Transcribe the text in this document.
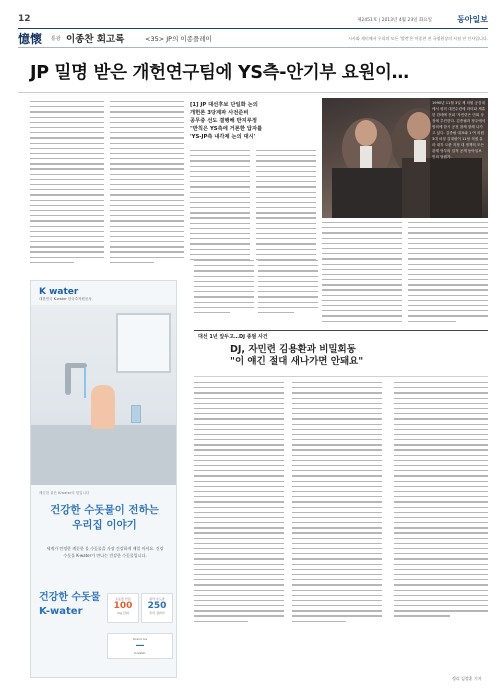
12	제2451호 | 2013년 4월 23일 화요일	동아일보
憶懷 통광 이종찬 회고록	<35> JP의 이종플레이	시사와 재미에서 우리의 모든 '발견'은 이종찬 전 국정원장의 시점 전 인사입니다.
JP 밀명 받은 개헌연구팀에 YS측-안기부 요원이…
[1] JP 대선후보 단일화 논의
개헌론 3당계파 사전준비
공무중 선도 결행해 반지루정
"반칙은 YS측에 거론한 답자를
'YS-JP측 내각제 논의 대시'
1990년 11월 3일 제 의원 공감대에서 평의 대전수련에 라미와 제휴한 한테에 전피 '자민련은 민회 상징에 추진한다. 김종필과 정주에서 합의에 함시 공천 참체 함께 나가고 있다. 김종필 대표와 1 여 의원 3대 마칭 김대평이 11당 적접 유라 내각 도중 지정 대 정책의 모든 관계 당부의 업적 공개 동아일보 민의 당원가.
K water
대한민국 K-water 한국수자원공사
깨끗한 물은 K-water의 힘입니다
건강한 수돗물이 전하는
우리집 이야기
세계가 인정한 깨끗한 물 수돗물을 가장 건강하게 매일 마셔요. 건강 수돗물 K-water가 만나는 건강한 수돗물입니다.
건강한 수돗물
K-water
수돗물 안심
100
mg 단위
원탁 수도관
250
우리 집까지
Grand Ice
—
K-water
대선 1년 앞두고…DJ 종필 사건
DJ, 자민련 김용환과 비밀회동
"이 얘긴 절대 새나가면 안돼요"
정리 김정훈 기자
